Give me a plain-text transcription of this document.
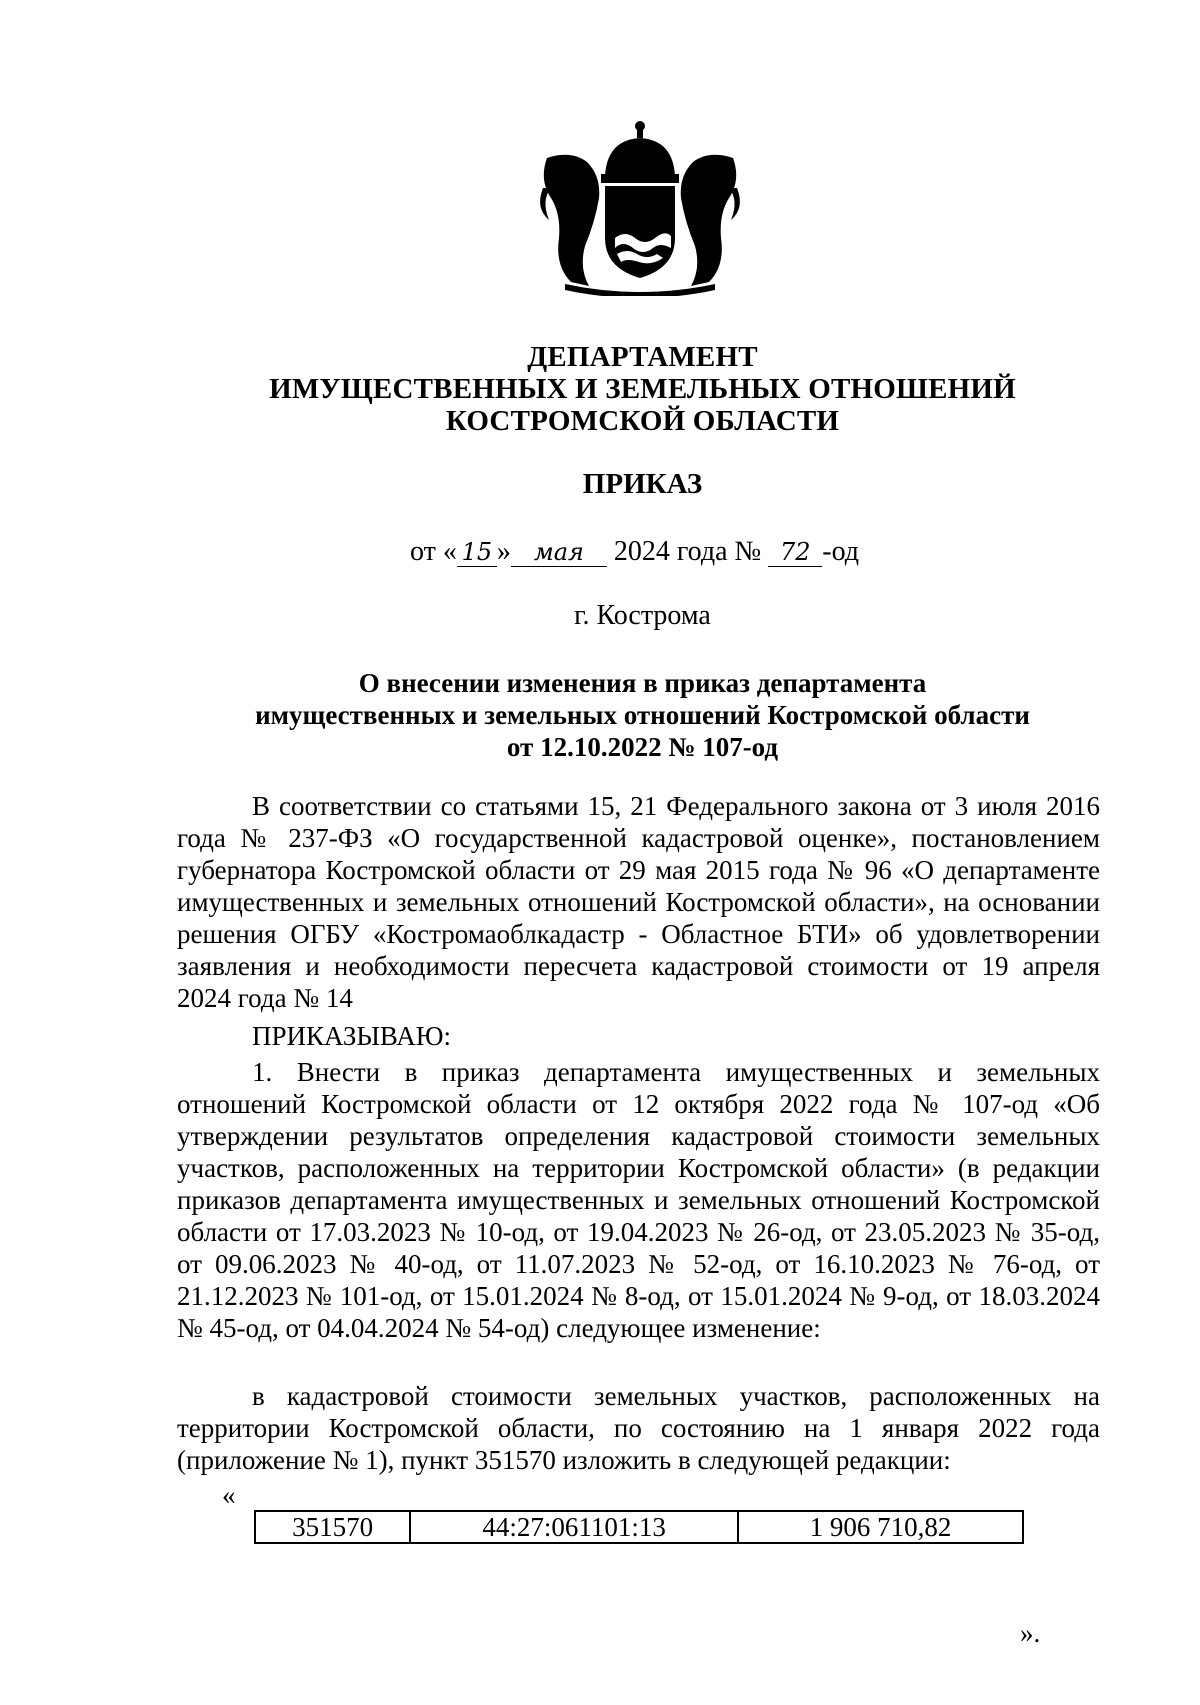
ДЕПАРТАМЕНТ
ИМУЩЕСТВЕННЫХ И ЗЕМЕЛЬНЫХ ОТНОШЕНИЙ
КОСТРОМСКОЙ ОБЛАСТИ
ПРИКАЗ
от « 15 » мая 2024 года № 72 -од
г. Кострома
О внесении изменения в приказ департамента
имущественных и земельных отношений Костромской области
от 12.10.2022 № 107-од

В соответствии со статьями 15, 21 Федерального закона от 3 июля 2016 года № 237-ФЗ «О государственной кадастровой оценке», постановлением губернатора Костромской области от 29 мая 2015 года № 96 «О департаменте имущественных и земельных отношений Костромской области», на основании решения ОГБУ «Костромаоблкадастр - Областное БТИ» об удовлетворении заявления и необходимости пересчета кадастровой стоимости от 19 апреля 2024 года № 14

ПРИКАЗЫВАЮ:

1. Внести в приказ департамента имущественных и земельных отношений Костромской области от 12 октября 2022 года № 107-од «Об утверждении результатов определения кадастровой стоимости земельных участков, расположенных на территории Костромской области» (в редакции приказов департамента имущественных и земельных отношений Костромской области от 17.03.2023 № 10-од, от 19.04.2023 № 26-од, от 23.05.2023 № 35-од, от 09.06.2023 № 40-од, от 11.07.2023 № 52-од, от 16.10.2023 № 76-од, от 21.12.2023 № 101-од, от 15.01.2024 № 8-од, от 15.01.2024 № 9-од, от 18.03.2024 № 45-од, от 04.04.2024 № 54-од) следующее изменение:

в кадастровой стоимости земельных участков, расположенных на территории Костромской области, по состоянию на 1 января 2022 года (приложение № 1), пункт 351570 изложить в следующей редакции:

«
351570	44:27:061101:13	1 906 710,82
».
